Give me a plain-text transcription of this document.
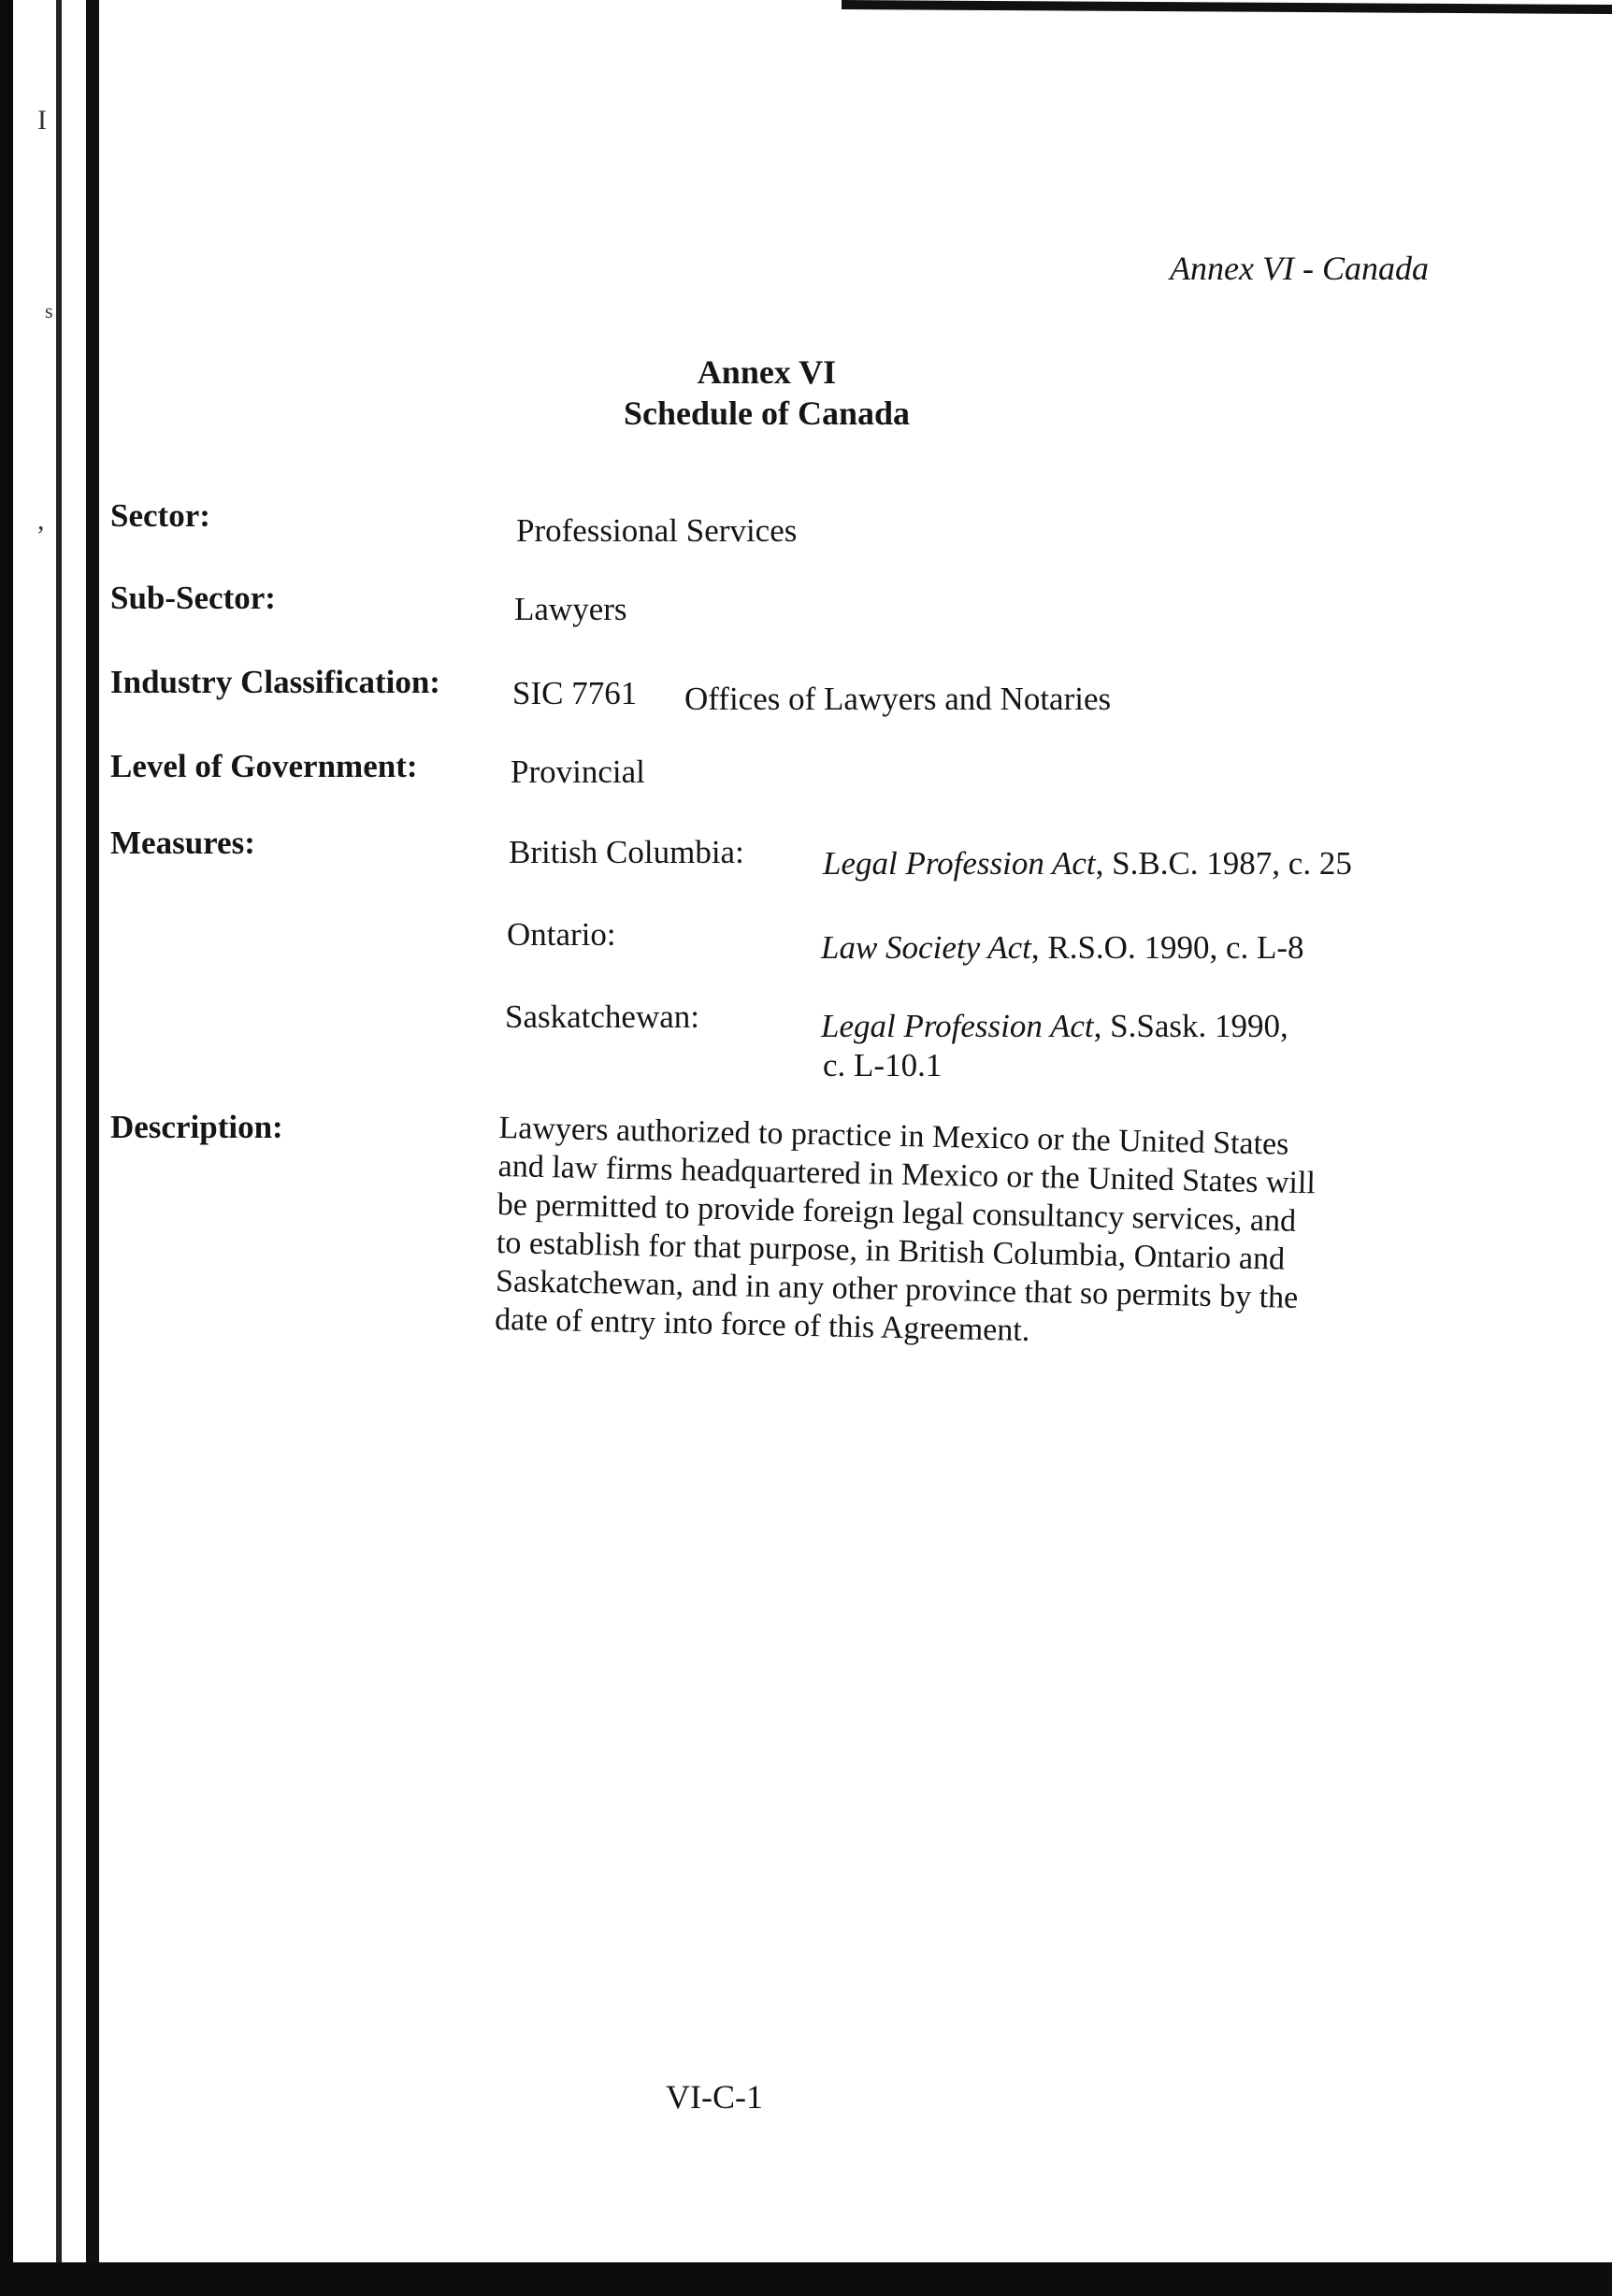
I
s
,
Annex VI - Canada
Annex VI
Schedule of Canada
Sector:	Professional Services
Sub-Sector:	Lawyers
Industry Classification: SIC 7761 Offices of Lawyers and Notaries
Level of Government:	Provincial
Measures:	British Columbia: Legal Profession Act, S.B.C. 1987, c. 25
Ontario:	Law Society Act, R.S.O. 1990, c. L-8
Saskatchewan:	Legal Profession Act, S.Sask. 1990,
c. L-10.1
Description:	Lawyers authorized to practice in Mexico or the United States
and law firms headquartered in Mexico or the United States will
be permitted to provide foreign legal consultancy services, and
to establish for that purpose, in British Columbia, Ontario and
Saskatchewan, and in any other province that so permits by the
date of entry into force of this Agreement.
VI-C-1
